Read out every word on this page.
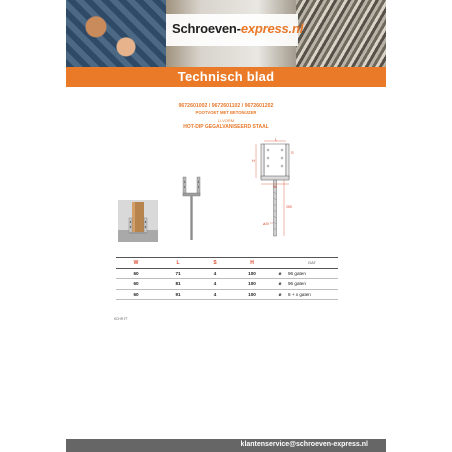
Schroeven-express.nl
Technisch blad
9672601002 / 9672601102 / 9672601202
POOTVOET MET BETONIJZER
U-VORM
HOT-DIP GEGALVANISEERD STAAL
L
S
H
W
250
ø20
W	L	S	H		GAT
60	71	4	100	ø	96 gaten
60	81	4	100	ø	96 gaten
60	91	4	100	ø	8 + x gaten
SCHR.FT
klantenservice@schroeven-express.nl
